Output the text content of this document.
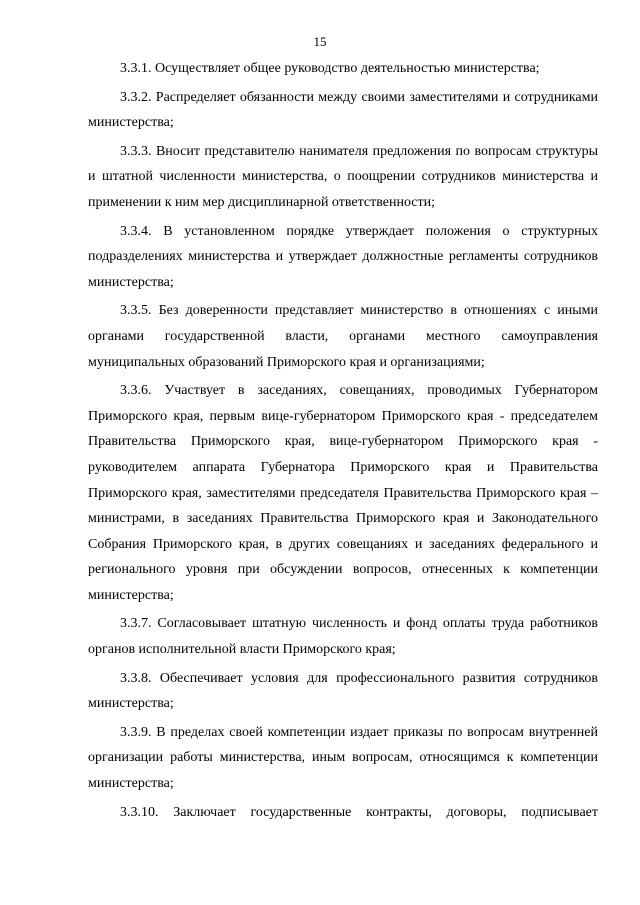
15

3.3.1. Осуществляет общее руководство деятельностью министерства;

3.3.2. Распределяет обязанности между своими заместителями и сотрудниками министерства;

3.3.3. Вносит представителю нанимателя предложения по вопросам структуры и штатной численности министерства, о поощрении сотрудников министерства и применении к ним мер дисциплинарной ответственности;

3.3.4. В установленном порядке утверждает положения о структурных подразделениях министерства и утверждает должностные регламенты сотрудников министерства;

3.3.5. Без доверенности представляет министерство в отношениях с иными органами государственной власти, органами местного самоуправления муниципальных образований Приморского края и организациями;

3.3.6. Участвует в заседаниях, совещаниях, проводимых Губернатором Приморского края, первым вице-губернатором Приморского края - председателем Правительства Приморского края, вице-губернатором Приморского края - руководителем аппарата Губернатора Приморского края и Правительства Приморского края, заместителями председателя Правительства Приморского края – министрами, в заседаниях Правительства Приморского края и Законодательного Собрания Приморского края, в других совещаниях и заседаниях федерального и регионального уровня при обсуждении вопросов, отнесенных к компетенции министерства;

3.3.7. Согласовывает штатную численность и фонд оплаты труда работников органов исполнительной власти Приморского края;

3.3.8. Обеспечивает условия для профессионального развития сотрудников министерства;

3.3.9. В пределах своей компетенции издает приказы по вопросам внутренней организации работы министерства, иным вопросам, относящимся к компетенции министерства;

3.3.10. Заключает государственные контракты, договоры, подписывает
